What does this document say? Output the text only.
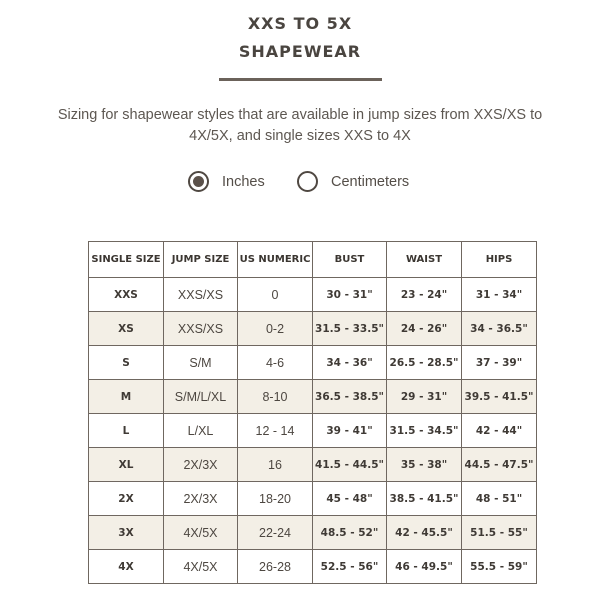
XXS TO 5X
SHAPEWEAR
Sizing for shapewear styles that are available in jump sizes from XXS/XS to 4X/5X, and single sizes XXS to 4X
Inches	Centimeters
SINGLE SIZE	JUMP SIZE	US NUMERIC	BUST	WAIST	HIPS
XXS	XXS/XS	0	30 - 31"	23 - 24"	31 - 34"
XS	XXS/XS	0-2	31.5 - 33.5"	24 - 26"	34 - 36.5"
S	S/M	4-6	34 - 36"	26.5 - 28.5"	37 - 39"
M	S/M/L/XL	8-10	36.5 - 38.5"	29 - 31"	39.5 - 41.5"
L	L/XL	12 - 14	39 - 41"	31.5 - 34.5"	42 - 44"
XL	2X/3X	16	41.5 - 44.5"	35 - 38"	44.5 - 47.5"
2X	2X/3X	18-20	45 - 48"	38.5 - 41.5"	48 - 51"
3X	4X/5X	22-24	48.5 - 52"	42 - 45.5"	51.5 - 55"
4X	4X/5X	26-28	52.5 - 56"	46 - 49.5"	55.5 - 59"
